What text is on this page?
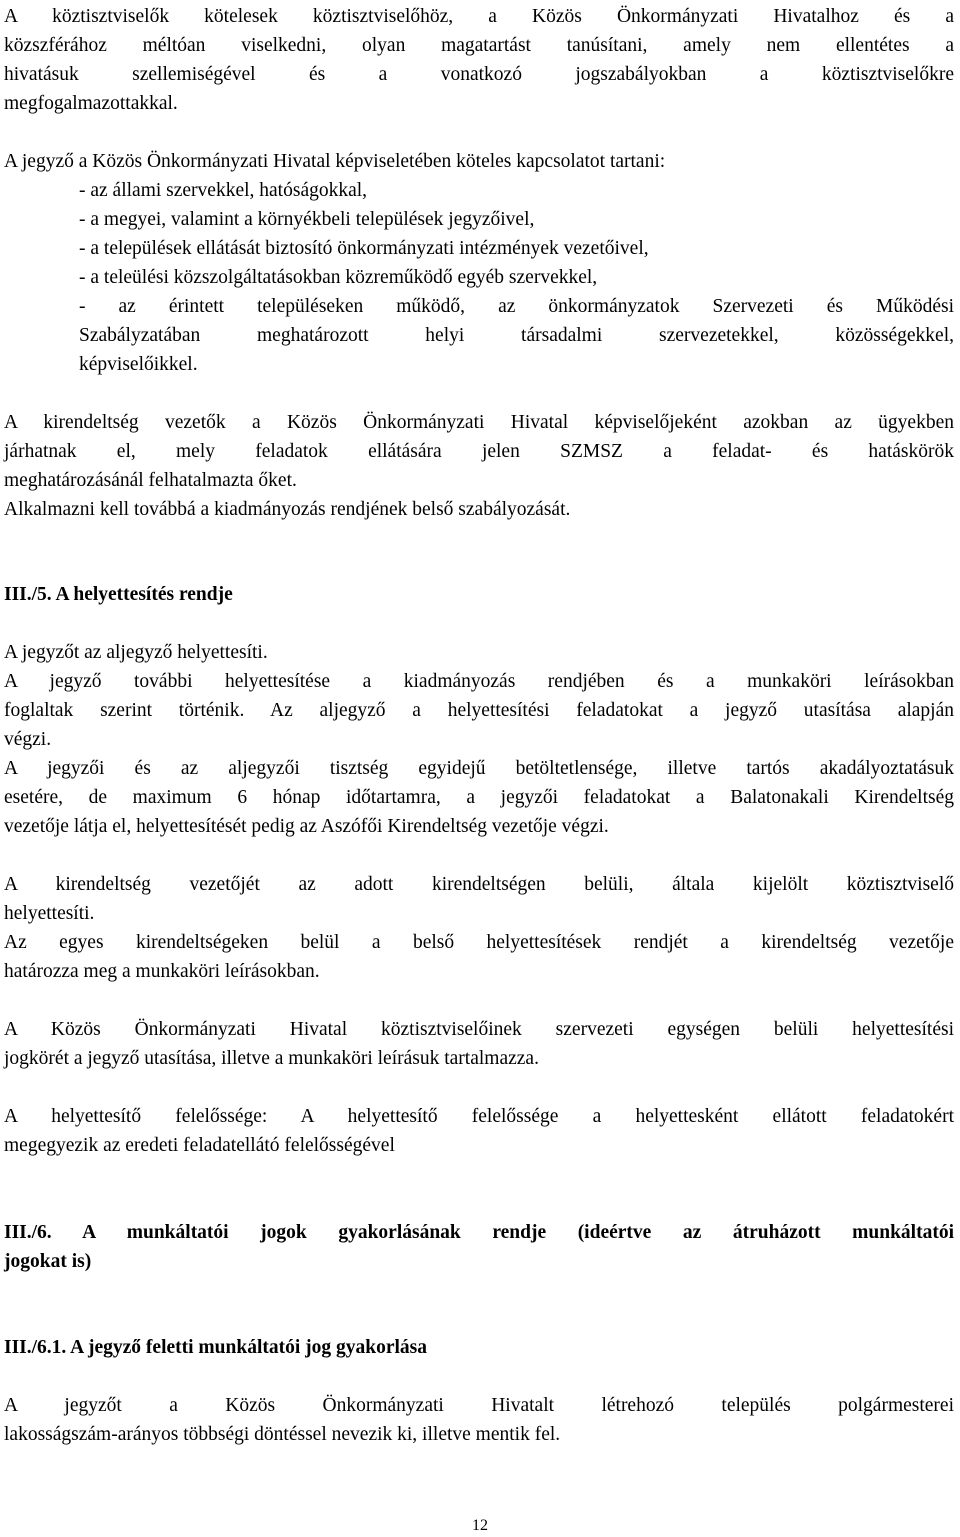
A köztisztviselők kötelesek köztisztviselőhöz, a Közös Önkormányzati Hivatalhoz és a
közszférához méltóan viselkedni, olyan magatartást tanúsítani, amely nem ellentétes a
hivatásuk szellemiségével és a vonatkozó jogszabályokban a köztisztviselőkre
megfogalmazottakkal.
A jegyző a Közös Önkormányzati Hivatal képviseletében köteles kapcsolatot tartani:
- az állami szervekkel, hatóságokkal,
- a megyei, valamint a környékbeli települések jegyzőivel,
- a települések ellátását biztosító önkormányzati intézmények vezetőivel,
- a teleülési közszolgáltatásokban közreműködő egyéb szervekkel,
- az érintett településeken működő, az önkormányzatok Szervezeti és Működési
Szabályzatában meghatározott helyi társadalmi szervezetekkel, közösségekkel,
képviselőikkel.
A kirendeltség vezetők a Közös Önkormányzati Hivatal képviselőjeként azokban az ügyekben
járhatnak el, mely feladatok ellátására jelen SZMSZ a feladat- és hatáskörök
meghatározásánál felhatalmazta őket.
Alkalmazni kell továbbá a kiadmányozás rendjének belső szabályozását.
III./5. A helyettesítés rendje
A jegyzőt az aljegyző helyettesíti.
A jegyző további helyettesítése a kiadmányozás rendjében és a munkaköri leírásokban
foglaltak szerint történik. Az aljegyző a helyettesítési feladatokat a jegyző utasítása alapján
végzi.
A jegyzői és az aljegyzői tisztség egyidejű betöltetlensége, illetve tartós akadályoztatásuk
esetére, de maximum 6 hónap időtartamra, a jegyzői feladatokat a Balatonakali Kirendeltség
vezetője látja el, helyettesítését pedig az Aszófői Kirendeltség vezetője végzi.
A kirendeltség vezetőjét az adott kirendeltségen belüli, általa kijelölt köztisztviselő
helyettesíti.
Az egyes kirendeltségeken belül a belső helyettesítések rendjét a kirendeltség vezetője
határozza meg a munkaköri leírásokban.
A Közös Önkormányzati Hivatal köztisztviselőinek szervezeti egységen belüli helyettesítési
jogkörét a jegyző utasítása, illetve a munkaköri leírásuk tartalmazza.
A helyettesítő felelőssége: A helyettesítő felelőssége a helyettesként ellátott feladatokért
megegyezik az eredeti feladatellátó felelősségével
III./6. A munkáltatói jogok gyakorlásának rendje (ideértve az átruházott munkáltatói
jogokat is)
III./6.1. A jegyző feletti munkáltatói jog gyakorlása
A jegyzőt a Közös Önkormányzati Hivatalt létrehozó település polgármesterei
lakosságszám-arányos többségi döntéssel nevezik ki, illetve mentik fel.
12
